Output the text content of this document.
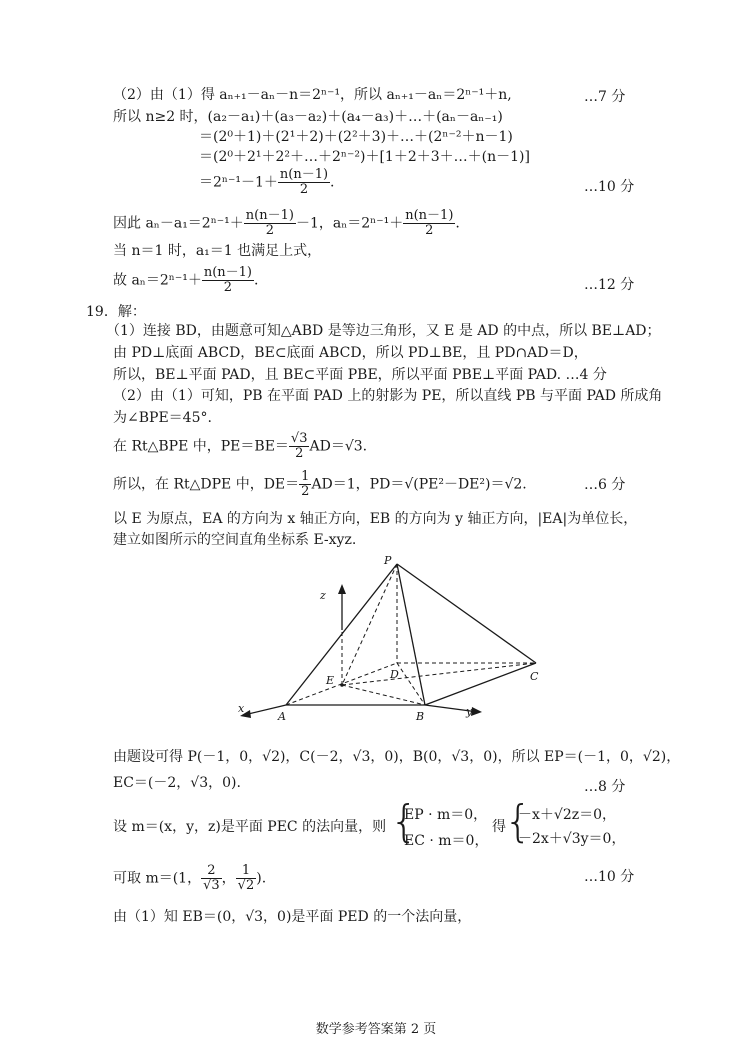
（2）由（1）得 aₙ₊₁－aₙ－n＝2ⁿ⁻¹，所以 aₙ₊₁－aₙ＝2ⁿ⁻¹＋n,	…7 分
所以 n≥2 时，(a₂－a₁)＋(a₃－a₂)＋(a₄－a₃)＋…＋(aₙ－aₙ₋₁)
＝(2⁰＋1)＋(2¹＋2)＋(2²＋3)＋…＋(2ⁿ⁻²＋n－1)
＝(2⁰＋2¹＋2²＋…＋2ⁿ⁻²)＋[1＋2＋3＋…＋(n－1)]
$=2^{n-1}-1+ \frac{n(n-1)}{2}$ .	…10 分
因此 $a_n-a_1=2^{n-1}+ \frac{n(n-1)}{2} -1$，$a_n=2^{n-1}+ \frac{n(n-1)}{2}$ .
当 n＝1 时，a₁＝1 也满足上式，
故 $a_n=2^{n-1}+ \frac{n(n-1)}{2}$ .	…12 分
19．解：
（1）连接 BD，由题意可知△ABD 是等边三角形，又 E 是 AD 的中点，所以 BE⊥AD；
由 PD⊥底面 ABCD，BE⊂底面 ABCD，所以 PD⊥BE，且 PD∩AD＝D，
所以，BE⊥平面 PAD，且 BE⊂平面 PBE，所以平面 PBE⊥平面 PAD. …4 分
（2）由（1）可知，PB 在平面 PAD 上的射影为 PE，所以直线 PB 与平面 PAD 所成角
为∠BPE＝45°.
在 Rt△BPE 中，$PE=BE= \frac{√3}{2} AD=√3$.
所以，在 Rt△DPE 中，$DE= \frac{1}{2} AD=1$，PD＝√(PE²－DE²)＝√2.	…6 分
以 E 为原点，EA 的方向为 x 轴正方向，EB 的方向为 y 轴正方向，|EA|为单位长，
建立如图所示的空间直角坐标系 E-xyz.
P
z
E	D	C
x
A	B	y
由题设可得 P(－1，0，√2)，C(－2，√3，0)，B(0，√3，0)，所以 EP＝(－1，0，√2)，
EC＝(－2，√3，0).	…8 分
设 m＝(x，y，z)是平面 PEC 的法向量，则 {
EP · m＝0，
EC · m＝0，
得
{
－x＋√2z＝0，
－2x＋√3y＝0，
可取 m＝(1， $\frac{2}{√3}$ ， $\frac{1}{√2}$ ).	…10 分
由（1）知 EB＝(0，√3，0)是平面 PED 的一个法向量，
数学参考答案第 2 页
